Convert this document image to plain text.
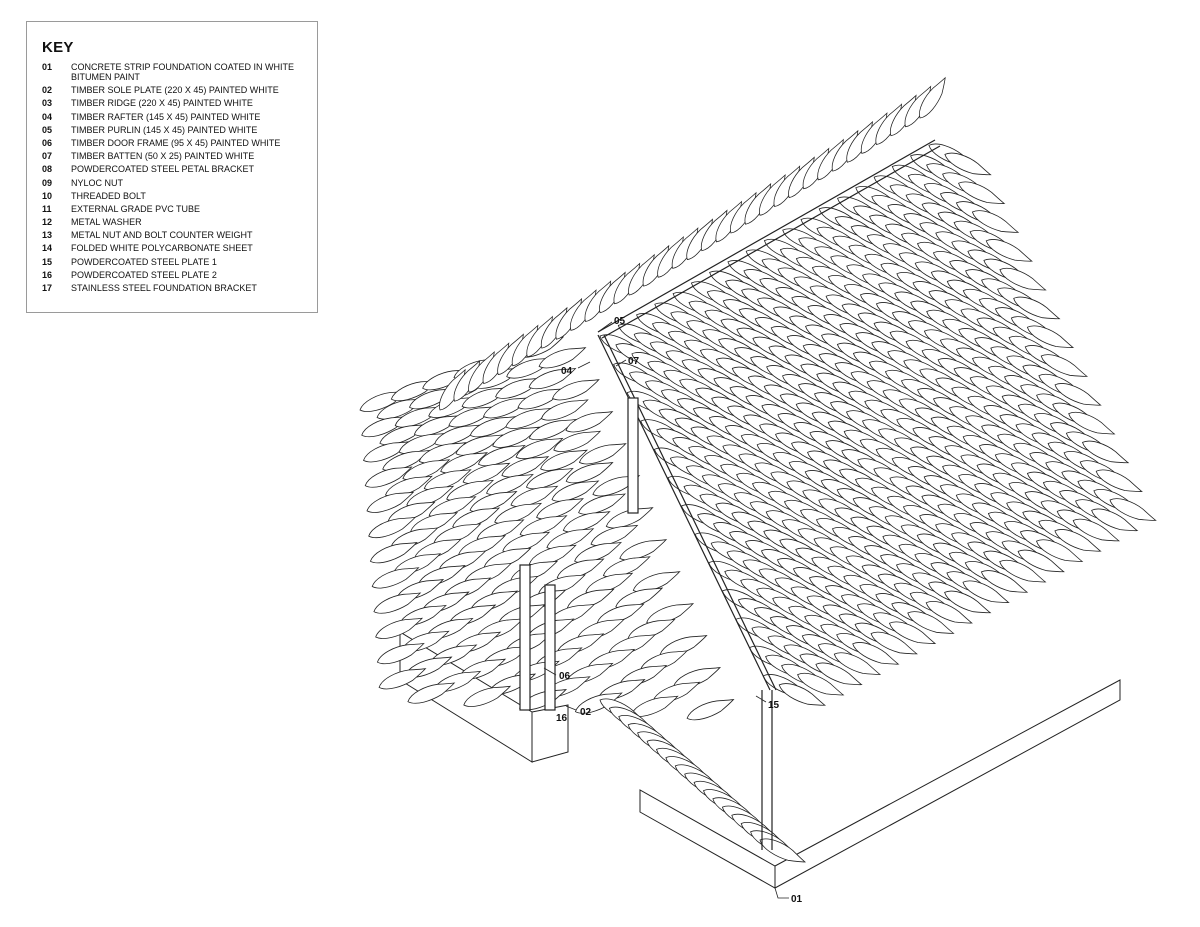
KEY
01	CONCRETE STRIP FOUNDATION COATED IN WHITE BITUMEN PAINT
02	TIMBER SOLE PLATE (220 X 45) PAINTED WHITE
03	TIMBER RIDGE (220 X 45) PAINTED WHITE
04	TIMBER RAFTER (145 X 45) PAINTED WHITE
05	TIMBER PURLIN (145 X 45) PAINTED WHITE
06	TIMBER DOOR FRAME (95 X 45) PAINTED WHITE
07	TIMBER BATTEN (50 X 25) PAINTED WHITE
08	POWDERCOATED STEEL PETAL BRACKET
09	NYLOC NUT
10	THREADED BOLT
11	EXTERNAL GRADE PVC TUBE
12	METAL WASHER
13	METAL NUT AND BOLT COUNTER WEIGHT
14	FOLDED WHITE POLYCARBONATE SHEET
15	POWDERCOATED STEEL PLATE 1
16	POWDERCOATED STEEL PLATE 2
17	STAINLESS STEEL FOUNDATION BRACKET
05
04
07
06
02
16
15
01
